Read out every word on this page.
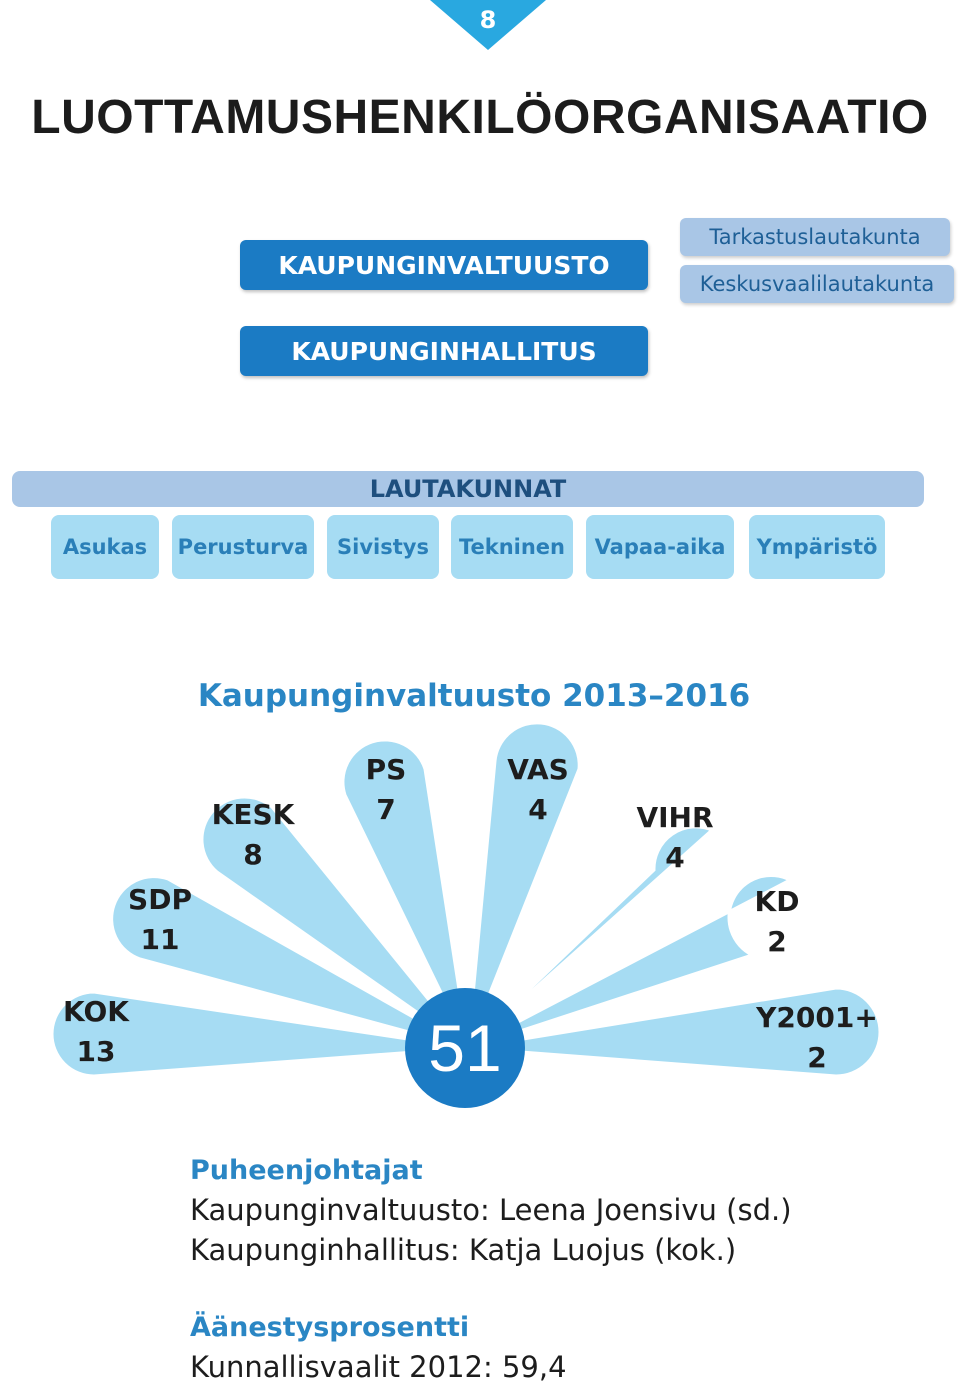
8
LUOTTAMUSHENKILÖORGANISAATIO
KAUPUNGINVALTUUSTO
KAUPUNGINHALLITUS
Tarkastuslautakunta
Keskusvaalilautakunta
LAUTAKUNNAT
Asukas	Perusturva	Sivistys	Tekninen	Vapaa-aika	Ympäristö
Kaupunginvaltuusto 2013–2016
KOK
13
SDP
11
KESK
8
PS
7
VAS
4	VIHR
4
KD
2
Y2001+
2
51
Puheenjohtajat
Kaupunginvaltuusto: Leena Joensivu (sd.)
Kaupunginhallitus: Katja Luojus (kok.)
Äänestysprosentti
Kunnallisvaalit 2012: 59,4
